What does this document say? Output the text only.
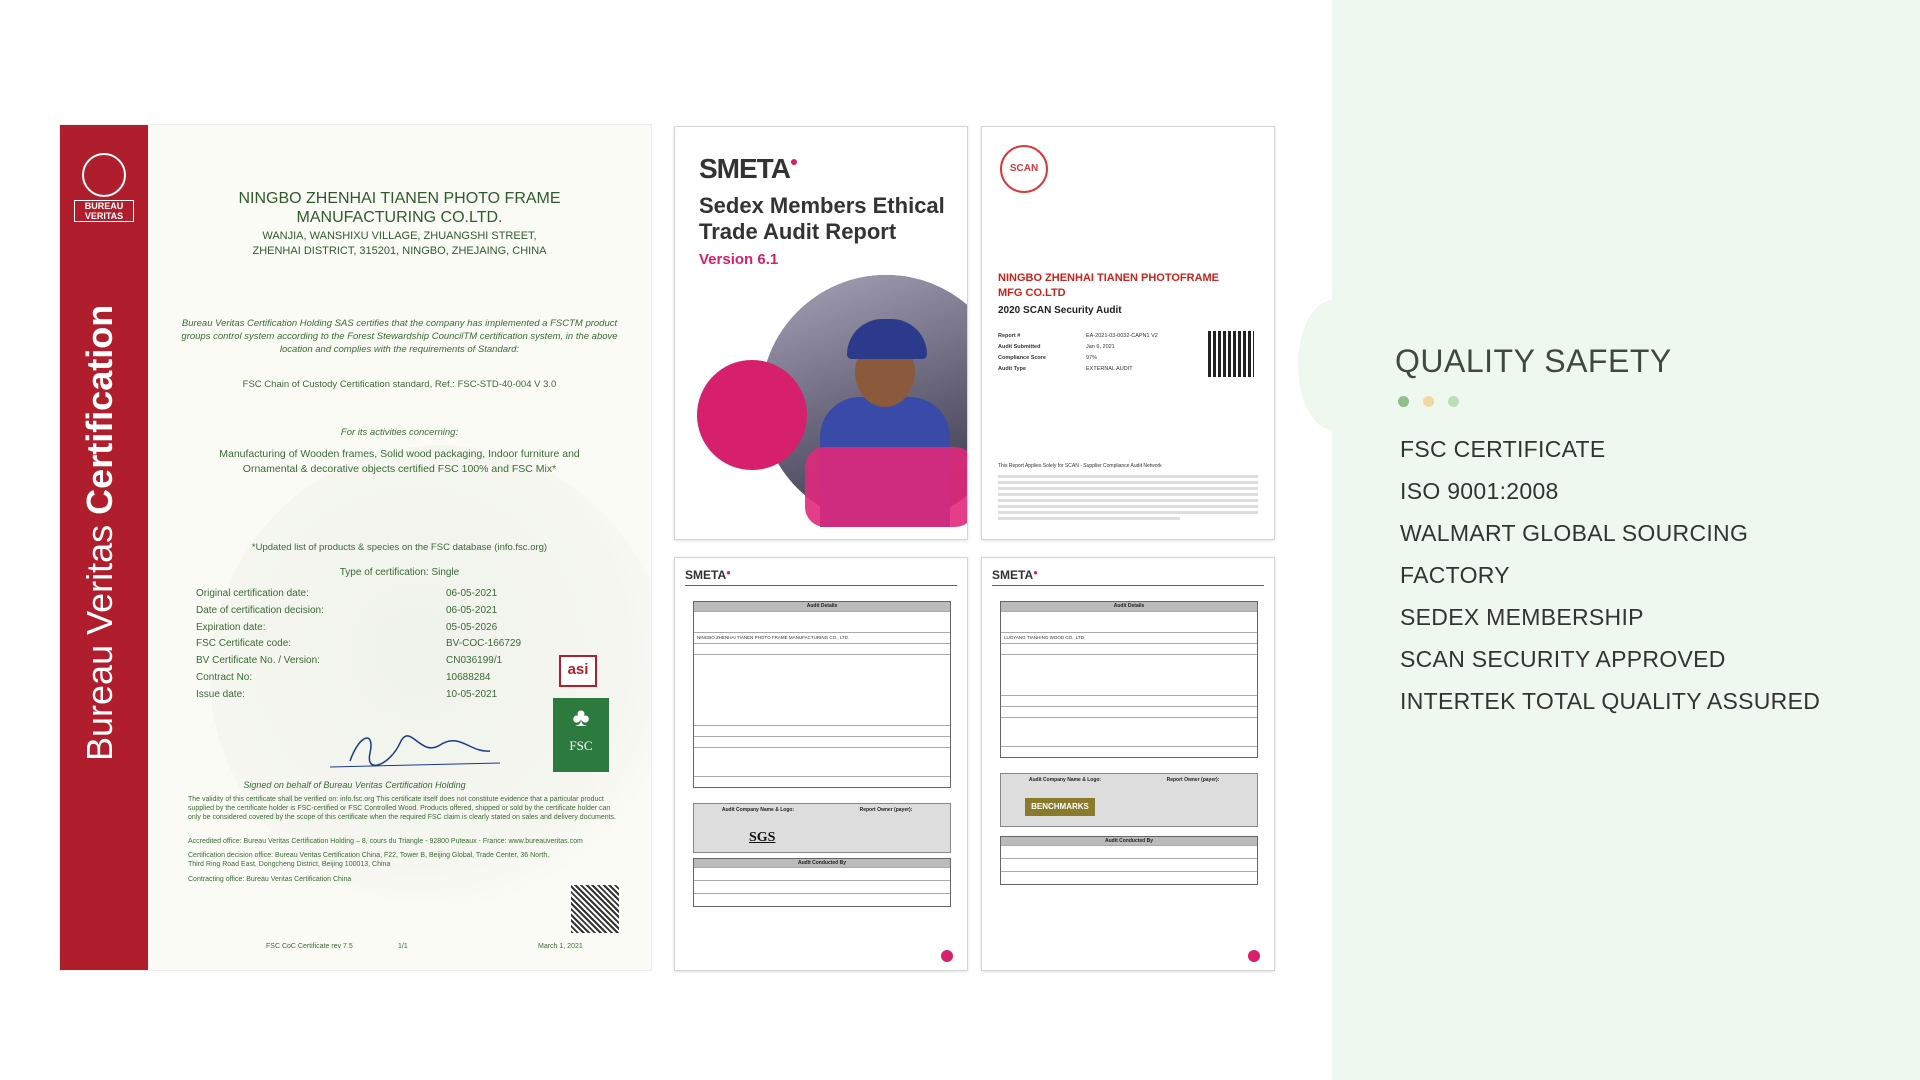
QUALITY SAFETY
FSC CERTIFICATE
ISO 9001:2008
WALMART GLOBAL SOURCING
FACTORY
SEDEX MEMBERSHIP
SCAN SECURITY APPROVED
INTERTEK TOTAL QUALITY ASSURED
BUREAU VERITAS
Bureau Veritas Certification
NINGBO ZHENHAI TIANEN PHOTO FRAME
MANUFACTURING CO.LTD.
WANJIA, WANSHIXU VILLAGE, ZHUANGSHI STREET,
ZHENHAI DISTRICT, 315201, NINGBO, ZHEJAING, CHINA
Bureau Veritas Certification Holding SAS certifies that the company has implemented a FSCTM product groups control system according to the Forest Stewardship CouncilTM certification system, in the above location and complies with the requirements of Standard:
FSC Chain of Custody Certification standard, Ref.: FSC-STD-40-004 V 3.0
For its activities concerning:
Manufacturing of Wooden frames, Solid wood packaging, Indoor furniture and
Ornamental & decorative objects certified FSC 100% and FSC Mix*
*Updated list of products & species on the FSC database (info.fsc.org)
Type of certification: Single
Original certification date:	06-05-2021
Date of certification decision:	06-05-2021
Expiration date:	05-05-2026
FSC Certificate code:	BV-COC-166729
BV Certificate No. / Version:	CN036199/1
Contract No:	10688284
Issue date:	10-05-2021
asi
♣
FSC
Signed on behalf of Bureau Veritas Certification Holding
The validity of this certificate shall be verified on: info.fsc.org This certificate itself does not constitute evidence that a particular product supplied by the certificate holder is FSC-certified or FSC Controlled Wood. Products offered, shipped or sold by the certificate holder can only be considered covered by the scope of this certificate when the required FSC claim is clearly stated on sales and delivery documents.
Accredited office: Bureau Veritas Certification Holding – 8, cours du Triangle - 92800 Puteaux - France: www.bureauveritas.com
Certification decision office: Bureau Veritas Certification China, F22, Tower B, Beijing Global, Trade Center, 36 North, Third Ring Road East, Dongcheng District, Beijing 100013, China
Contracting office: Bureau Veritas Certification China
FSC CoC Certificate rev 7.5	1/1	March 1, 2021
SMETA●
Sedex Members Ethical
Trade Audit Report
Version 6.1
SCAN
NINGBO ZHENHAI TIANEN PHOTOFRAME
MFG CO.LTD
2020 SCAN Security Audit
Report #	EA-2021-03-0032-CAPN1 V2
Audit Submitted	Jan 6, 2021
Compliance Score	97%
Audit Type	EXTERNAL AUDIT
This Report Applies Solely for SCAN - Supplier Compliance Audit Network
SMETA●
Audit Details
NINGBO ZHENHAI TIANEN PHOTO FRAME MANUFACTURING CO., LTD.
Audit Company Name & Logo:	Report Owner (payer):
SGS
Audit Conducted By
SMETA●
Audit Details
LUOYANG TIANHING WOOD CO., LTD
Audit Company Name & Logo:	Report Owner (payer):
BENCHMARKS
Audit Conducted By
